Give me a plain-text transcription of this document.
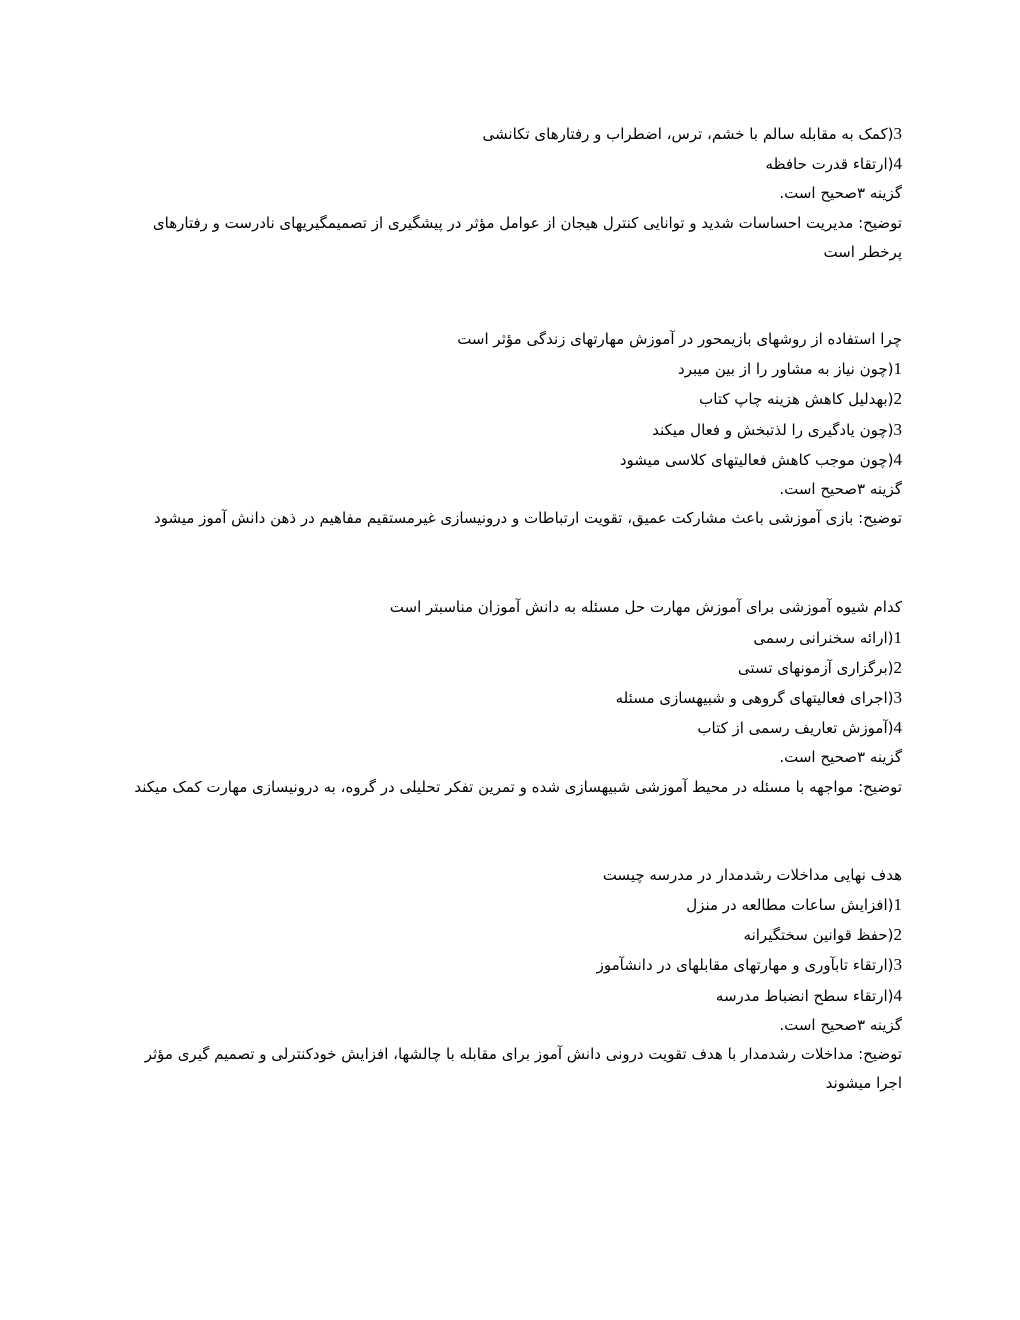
3(کمک به مقابله سالم با خشم، ترس، اضطراب و رفتارهای تکانشی
4(ارتقاء قدرت حافظه
گزینه ۳صحیح است.
توضیح: مدیریت احساسات شدید و توانایی کنترل هیجان از عوامل مؤثر در پیشگیری از تصمیمگیریهای نادرست و رفتارهای پرخطر است
چرا استفاده از روشهای بازیمحور در آموزش مهارتهای زندگی مؤثر است
1(چون نیاز به مشاور را از بین میبرد
2(بهدلیل کاهش هزینه چاپ کتاب
3(چون یادگیری را لذتبخش و فعال میکند
4(چون موجب کاهش فعالیتهای کلاسی میشود
گزینه ۳صحیح است.
توضیح: بازی آموزشی باعث مشارکت عمیق، تقویت ارتباطات و درونیسازی غیرمستقیم مفاهیم در ذهن دانش آموز میشود
کدام شیوه آموزشی برای آموزش مهارت حل مسئله به دانش آموزان مناسبتر است
1(ارائه سخنرانی رسمی
2(برگزاری آزمونهای تستی
3(اجرای فعالیتهای گروهی و شبیهسازی مسئله
4(آموزش تعاریف رسمی از کتاب
گزینه ۳صحیح است.
توضیح: مواجهه با مسئله در محیط آموزشی شبیهسازی شده و تمرین تفکر تحلیلی در گروه، به درونیسازی مهارت کمک میکند
هدف نهایی مداخلات رشدمدار در مدرسه چیست
1(افزایش ساعات مطالعه در منزل
2(حفظ قوانین سختگیرانه
3(ارتقاء تابآوری و مهارتهای مقابلهای در دانشآموز
4(ارتقاء سطح انضباط مدرسه
گزینه ۳صحیح است.
توضیح: مداخلات رشدمدار با هدف تقویت درونی دانش آموز برای مقابله با چالشها، افزایش خودکنترلی و تصمیم گیری مؤثر اجرا میشوند
